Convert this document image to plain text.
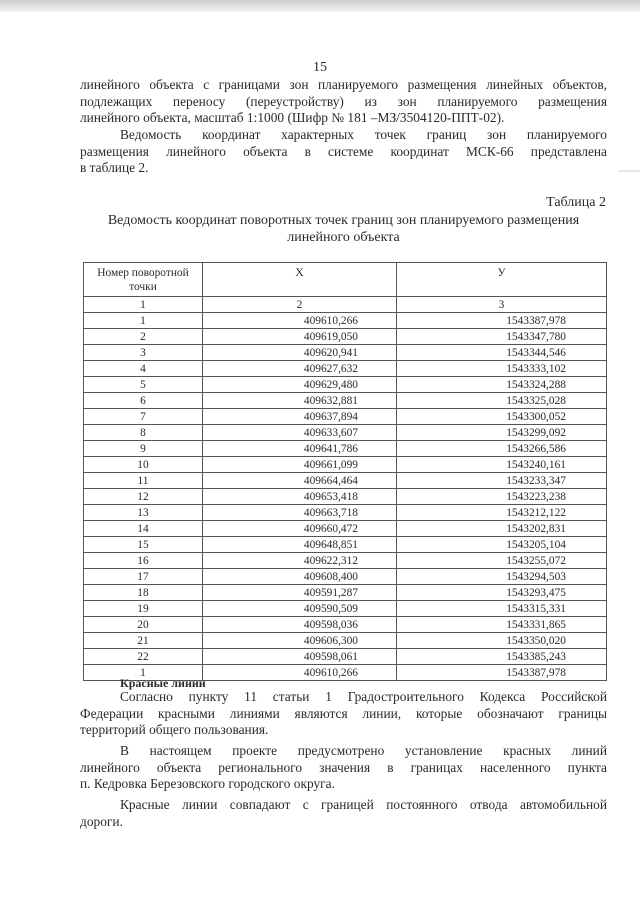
15
линейного объекта с границами зон планируемого размещения линейных объектов,
подлежащих переносу (переустройству) из зон планируемого размещения
линейного объекта, масштаб 1:1000 (Шифр № 181 –МЗ/3504120-ППТ-02).
Ведомость координат характерных точек границ зон планируемого
размещения линейного объекта в системе координат МСК-66 представлена
в таблице 2.
Таблица 2
Ведомость координат поворотных точек границ зон планируемого размещения
линейного объекта
Номер поворотной точки	X	У
1	2	3
1	409610,266	1543387,978
2	409619,050	1543347,780
3	409620,941	1543344,546
4	409627,632	1543333,102
5	409629,480	1543324,288
6	409632,881	1543325,028
7	409637,894	1543300,052
8	409633,607	1543299,092
9	409641,786	1543266,586
10	409661,099	1543240,161
11	409664,464	1543233,347
12	409653,418	1543223,238
13	409663,718	1543212,122
14	409660,472	1543202,831
15	409648,851	1543205,104
16	409622,312	1543255,072
17	409608,400	1543294,503
18	409591,287	1543293,475
19	409590,509	1543315,331
20	409598,036	1543331,865
21	409606,300	1543350,020
22	409598,061	1543385,243
1	409610,266	1543387,978
Красные линии
Согласно пункту 11 статьи 1 Градостроительного Кодекса Российской
Федерации красными линиями являются линии, которые обозначают границы
территорий общего пользования.
В настоящем проекте предусмотрено установление красных линий
линейного объекта регионального значения в границах населенного пункта
п. Кедровка Березовского городского округа.
Красные линии совпадают с границей постоянного отвода автомобильной
дороги.
